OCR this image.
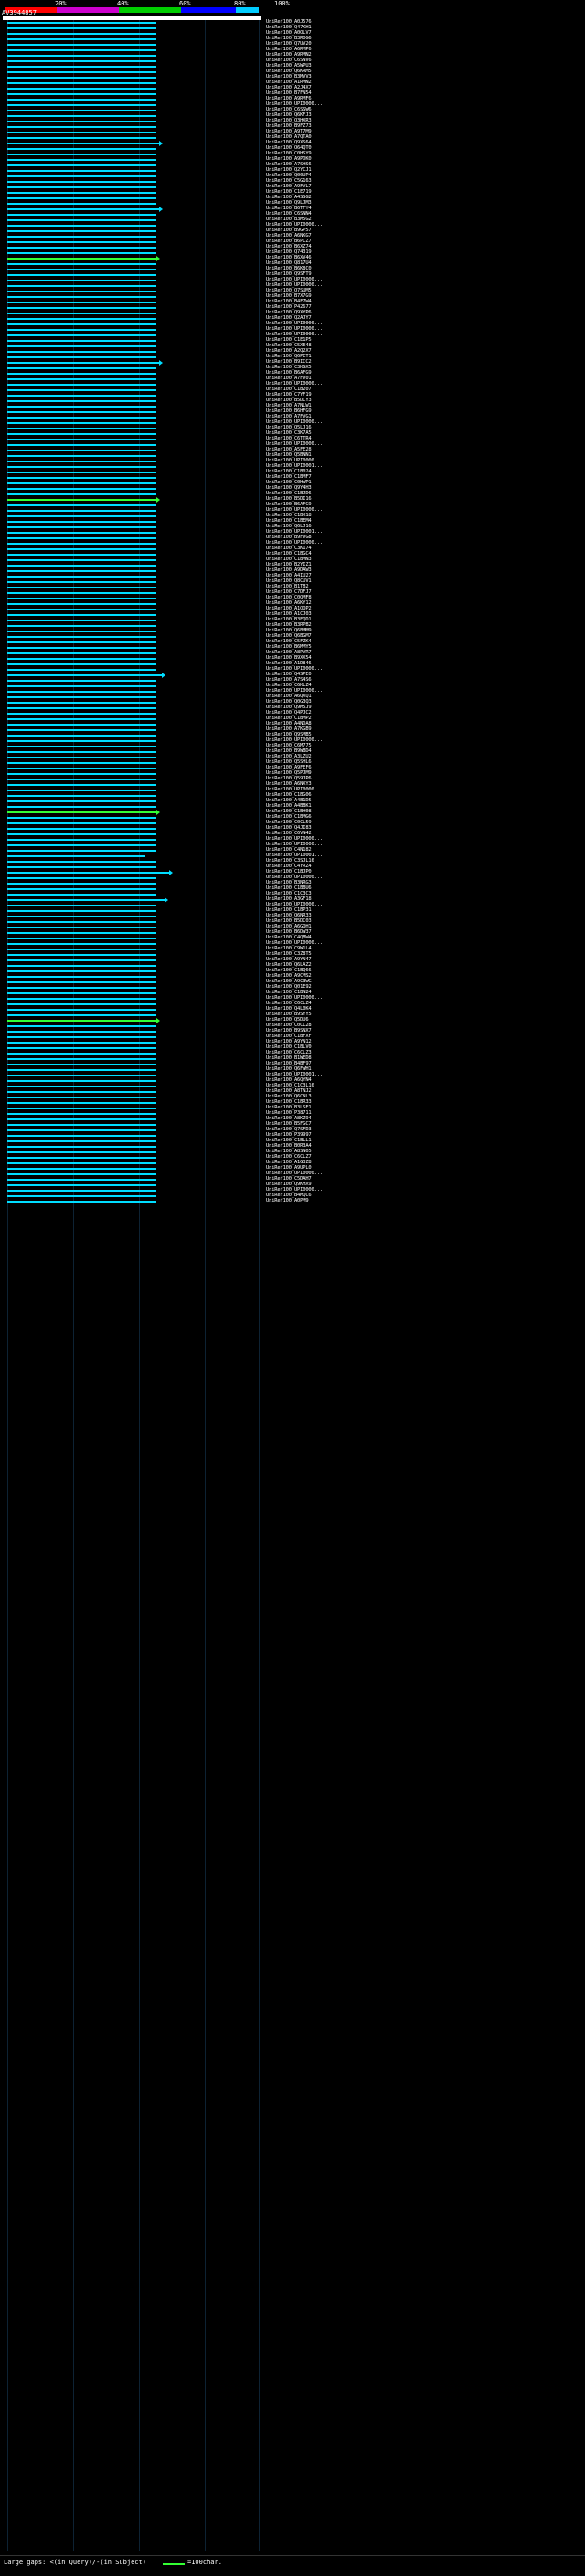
20%	40%	60%	80%	100%
AV3944857
UniRef100_A0J576
UniRef100_Q47KH1
UniRef100_A0OLV7
UniRef100_B3ROG6
UniRef100_Q7UV20
UniRef100_A6RMP6
UniRef100_A9RMN2
UniRef100_C6SNV6
UniRef100_A5WPU3
UniRef100_Q6KRM5
UniRef100_B3MVV3
UniRef100_A1RMN2
UniRef100_A2J4X7
UniRef100_B7FN54
UniRef100_A9RMF6
UniRef100_UPI0000...
UniRef100_C6SSW6
UniRef100_Q6KFJ3
UniRef100_Q3HXR3
UniRef100_B9FZ73
UniRef100_A9T7M9
UniRef100_A7QTA0
UniRef100_Q9XS64
UniRef100_O64QT0
UniRef100_C0HSY9
UniRef100_A9PDK0
UniRef100_A7SHS6
UniRef100_Q2YCJ1
UniRef100_Q00UP4
UniRef100_C5G163
UniRef100_A9FVL7
UniRef100_C1E719
UniRef100_A4SSG2
UniRef100_Q9LJM3
UniRef100_B6TFY4
UniRef100_C6SNN4
UniRef100_B3M5G2
UniRef100_UPI0000...
UniRef100_B9GP57
UniRef100_A6NKG7
UniRef100_B6PCZ7
UniRef100_B6XZ74
UniRef100_Q74319
UniRef100_B6XV46
UniRef100_Q817U4
UniRef100_B6K8C0
UniRef100_Q9SFT9
UniRef100_UPI0000...
UniRef100_UPI0000...
UniRef100_Q7SUM5
UniRef100_B7X7G9
UniRef100_B4F7W4
UniRef100_P42677
UniRef100_Q9XYP6
UniRef100_Q2AJY7
UniRef100_UPI0000...
UniRef100_UPI0000...
UniRef100_UPI0000...
UniRef100_C1E1P5
UniRef100_C5XE48
UniRef100_A2Q2X7
UniRef100_Q6PET1
UniRef100_B9ICC2
UniRef100_C3KGX5
UniRef100_B6AFG9
UniRef100_A7FV01
UniRef100_UPI0000...
UniRef100_C1B207
UniRef100_C7YF19
UniRef100_B5DCY3
UniRef100_A7NLW1
UniRef100_B6HFG9
UniRef100_A7FVG1
UniRef100_UPI0000...
UniRef100_Q5LJ16
UniRef100_C3K7A5
UniRef100_C6TTR4
UniRef100_UPI0000...
UniRef100_A5FE28
UniRef100_Q5BNN1
UniRef100_UPI0000...
UniRef100_UPI0001...
UniRef100_C1B024
UniRef100_C1BMF7
UniRef100_C0HWP1
UniRef100_Q9Y4H3
UniRef100_C1BJD6
UniRef100_B5DI16
UniRef100_B6AFG9
UniRef100_UPI0000...
UniRef100_C1BK18
UniRef100_C1BEM4
UniRef100_Q6LJ16
UniRef100_UPI0001...
UniRef100_B9FVG8
UniRef100_UPI0000...
UniRef100_C3K174
UniRef100_C1BGC4
UniRef100_C1BMN3
UniRef100_B2YIZ1
UniRef100_A9DAW3
UniRef100_A4IU27
UniRef100_Q8CUV1
UniRef100_B1TB2
UniRef100_C7DFJ7
UniRef100_C0QMF8
UniRef100_A6KY12
UniRef100_A1OOP2
UniRef100_A1CJ03
UniRef100_B3EQD1
UniRef100_B3RPB2
UniRef100_Q6BMM9
UniRef100_Q6BGM7
UniRef100_C5FZK4
UniRef100_B6MMY5
UniRef100_A8PVR7
UniRef100_B9XX54
UniRef100_A1D846
UniRef100_UPI0000...
UniRef100_Q4SPE0
UniRef100_A7S4S6
UniRef100_C6KLZ4
UniRef100_UPI0000...
UniRef100_A6QXQ1
UniRef100_Q0G3Q3
UniRef100_Q9M5J9
UniRef100_Q4PJC2
UniRef100_C1BMP2
UniRef100_A4NDA8
UniRef100_A7KGB9
UniRef100_Q9SMB5
UniRef100_UPI0000...
UniRef100_C6M775
UniRef100_B9WBD4
UniRef100_A3LZU2
UniRef100_Q5SHL6
UniRef100_A9FEF6
UniRef100_Q5PJM9
UniRef100_Q59JP6
UniRef100_A6NXY3
UniRef100_UPI0000...
UniRef100_C1BG06
UniRef100_A4B1D5
UniRef100_A4BBK1
UniRef100_C1BH08
UniRef100_C1BMG6
UniRef100_C0CL59
UniRef100_Q4JI83
UniRef100_C6VN42
UniRef100_UPI0000...
UniRef100_UPI0000...
UniRef100_C4N182
UniRef100_UPI0001...
UniRef100_C3SJL16
UniRef100_C4YRZ4
UniRef100_C1BJP0
UniRef100_UPI0000...
UniRef100_B3NRG3
UniRef100_C1BBU6
UniRef100_C1C3C3
UniRef100_A3GF18
UniRef100_UPI0000...
UniRef100_C1BP31
UniRef100_Q6NR33
UniRef100_B5DC03
UniRef100_A6GQH1
UniRef100_B6DW37
UniRef100_C4QBW4
UniRef100_UPI0000...
UniRef100_C9W1L4
UniRef100_C3Z8T5
UniRef100_A9YN47
UniRef100_Q6LAZ2
UniRef100_C1BQ66
UniRef100_A9CMS2
UniRef100_A9C3WG
UniRef100_Q01E92
UniRef100_C1BN24
UniRef100_UPI0000...
UniRef100_C6CLZ4
UniRef100_Q4L0K4
UniRef100_B9SYY5
UniRef100_Q5DU6
UniRef100_C0CL28
UniRef100_B9SNX7
UniRef100_C1BFXF
UniRef100_A9YN12
UniRef100_C1BLV0
UniRef100_C6CLZ3
UniRef100_B1WED8
UniRef100_B4BF97
UniRef100_Q6FWH1
UniRef100_UPI0001...
UniRef100_A6QYN4
UniRef100_C1C3L16
UniRef100_A8TNJ2
UniRef100_Q6CNL3
UniRef100_C1BR33
UniRef100_B3LSE1
UniRef100_P38711
UniRef100_A8KZ94
UniRef100_B5FGC7
UniRef100_Q7SFD3
UniRef100_P39997
UniRef100_C1BLL1
UniRef100_B0R3A4
UniRef100_A8SN05
UniRef100_C6CLZ7
UniRef100_A1G3Z8
UniRef100_A9UPL0
UniRef100_UPI0000...
UniRef100_C5DAH7
UniRef100_Q9KHX9
UniRef100_UPI0000...
UniRef100_B4MQC6
UniRef100_A0PM9
Large gaps: <(in Query)/-(in Subject)	=100char.
